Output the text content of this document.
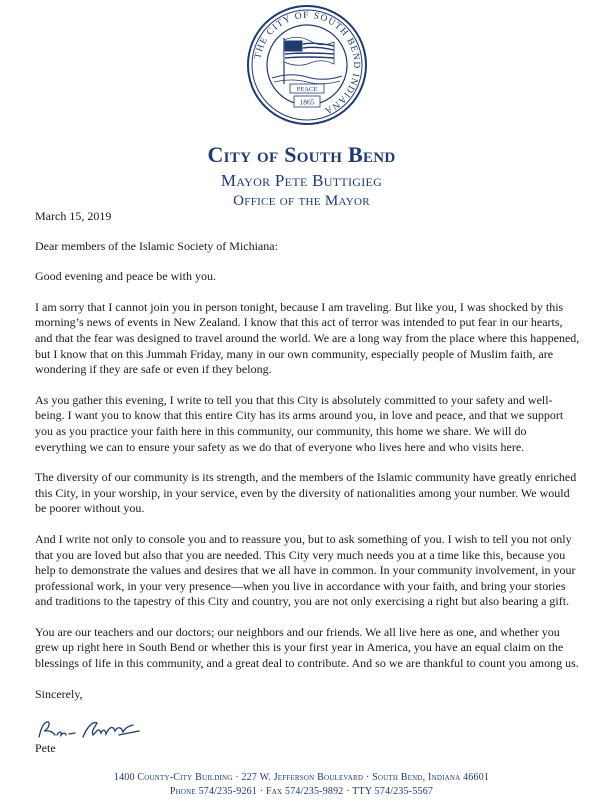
THE CITY OF SOUTH BEND INDIANA
PEACE
1865
City of South Bend
Mayor Pete Buttigieg
Office of the Mayor

March 15, 2019

Dear members of the Islamic Society of Michiana:

Good evening and peace be with you.

I am sorry that I cannot join you in person tonight, because I am traveling. But like you, I was shocked by this morning’s news of events in New Zealand. I know that this act of terror was intended to put fear in our hearts, and that the fear was designed to travel around the world. We are a long way from the place where this happened, but I know that on this Jummah Friday, many in our own community, especially people of Muslim faith, are wondering if they are safe or even if they belong.

As you gather this evening, I write to tell you that this City is absolutely committed to your safety and well-being. I want you to know that this entire City has its arms around you, in love and peace, and that we support you as you practice your faith here in this community, our community, this home we share. We will do everything we can to ensure your safety as we do that of everyone who lives here and who visits here.

The diversity of our community is its strength, and the members of the Islamic community have greatly enriched this City, in your worship, in your service, even by the diversity of nationalities among your number. We would be poorer without you.

And I write not only to console you and to reassure you, but to ask something of you. I wish to tell you not only that you are loved but also that you are needed. This City very much needs you at a time like this, because you help to demonstrate the values and desires that we all have in common. In your community involvement, in your professional work, in your very presence—when you live in accordance with your faith, and bring your stories and traditions to the tapestry of this City and country, you are not only exercising a right but also bearing a gift.

You are our teachers and our doctors; our neighbors and our friends. We all live here as one, and whether you grew up right here in South Bend or whether this is your first year in America, you have an equal claim on the blessings of life in this community, and a great deal to contribute. And so we are thankful to count you among us.

Sincerely,

Pete

1400 County-City Building · 227 W. Jefferson Boulevard · South Bend, Indiana 46601
Phone 574/235-9261 · Fax 574/235-9892 · TTY 574/235-5567
